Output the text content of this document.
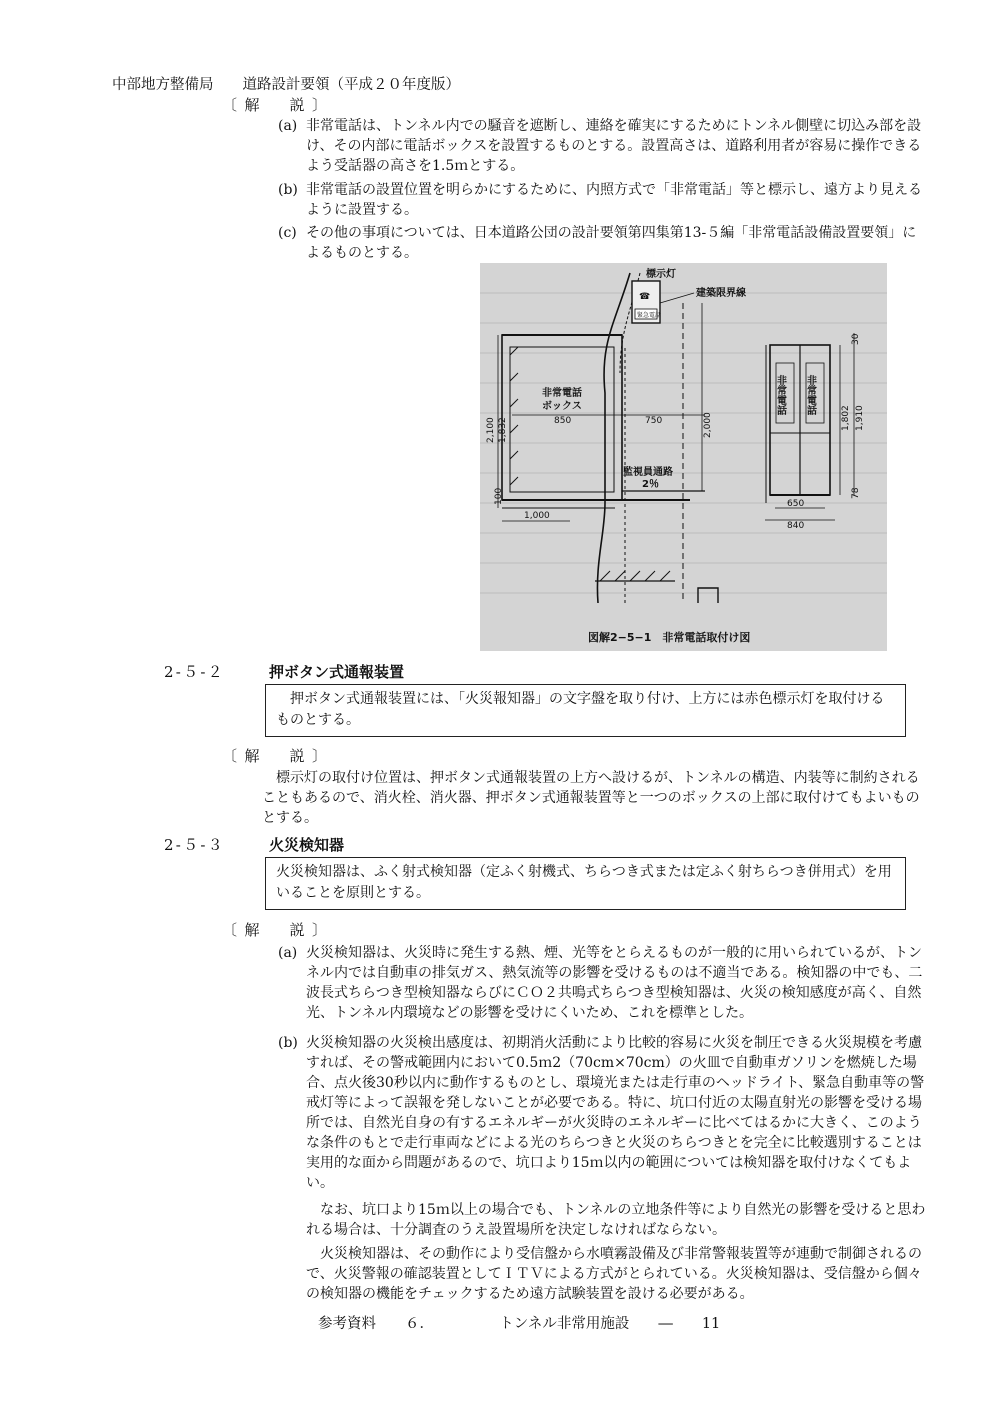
中部地方整備局　　道路設計要領（平成２０年度版）
〔解　説〕
(a) 非常電話は、トンネル内での騒音を遮断し、連絡を確実にするためにトンネル側壁に切込み部を設け、その内部に電話ボックスを設置するものとする。設置高さは、道路利用者が容易に操作できるよう受話器の高さを1.5ｍとする。
(b) 非常電話の設置位置を明らかにするために、内照方式で「非常電話」等と標示し、遠方より見えるように設置する。
(c) その他の事項については、日本道路公団の設計要領第四集第13‐５編「非常電話設備設置要領」によるものとする。
☎
緊急電話
標示灯
建築限界線
非常電話
ボックス
850	750
監視員通路
2％
1,000
2,100 1,832
100
2,000
非常電話 非常電話
650
840
30
1,802 1,910
78
図解2−5−1　非常電話取付け図
2‐５‐２	押ボタン式通報装置
押ボタン式通報装置には、「火災報知器」の文字盤を取り付け、上方には赤色標示灯を取付けるものとする。
〔解　説〕
標示灯の取付け位置は、押ボタン式通報装置の上方へ設けるが、トンネルの構造、内装等に制約されることもあるので、消火栓、消火器、押ボタン式通報装置等と一つのボックスの上部に取付けてもよいものとする。
2‐５‐３	火災検知器
火災検知器は、ふく射式検知器（定ふく射機式、ちらつき式または定ふく射ちらつき併用式）を用いることを原則とする。
〔解　説〕
(a) 火災検知器は、火災時に発生する熱、煙、光等をとらえるものが一般的に用いられているが、トンネル内では自動車の排気ガス、熱気流等の影響を受けるものは不適当である。検知器の中でも、二波長式ちらつき型検知器ならびにＣＯ２共鳴式ちらつき型検知器は、火災の検知感度が高く、自然光、トンネル内環境などの影響を受けにくいため、これを標準とした。
(b) 火災検知器の火災検出感度は、初期消火活動により比較的容易に火災を制圧できる火災規模を考慮すれば、その警戒範囲内において0.5ｍ2（70cm×70cm）の火皿で自動車ガソリンを燃焼した場合、点火後30秒以内に動作するものとし、環境光または走行車のヘッドライト、緊急自動車等の警戒灯等によって誤報を発しないことが必要である。特に、坑口付近の太陽直射光の影響を受ける場所では、自然光自身の有するエネルギーが火災時のエネルギーに比べてはるかに大きく、このような条件のもとで走行車両などによる光のちらつきと火災のちらつきとを完全に比較選別することは実用的な面から問題があるので、坑口より15ｍ以内の範囲については検知器を取付けなくてもよい。
なお、坑口より15ｍ以上の場合でも、トンネルの立地条件等により自然光の影響を受けると思われる場合は、十分調査のうえ設置場所を決定しなければならない。
火災検知器は、その動作により受信盤から水噴霧設備及び非常警報装置等が連動で制御されるので、火災警報の確認装置としてＩＴＶによる方式がとられている。火災検知器は、受信盤から個々の検知器の機能をチェックするため遠方試験装置を設ける必要がある。
参考資料　　６．　　　　　トンネル非常用施設　　―　　11
